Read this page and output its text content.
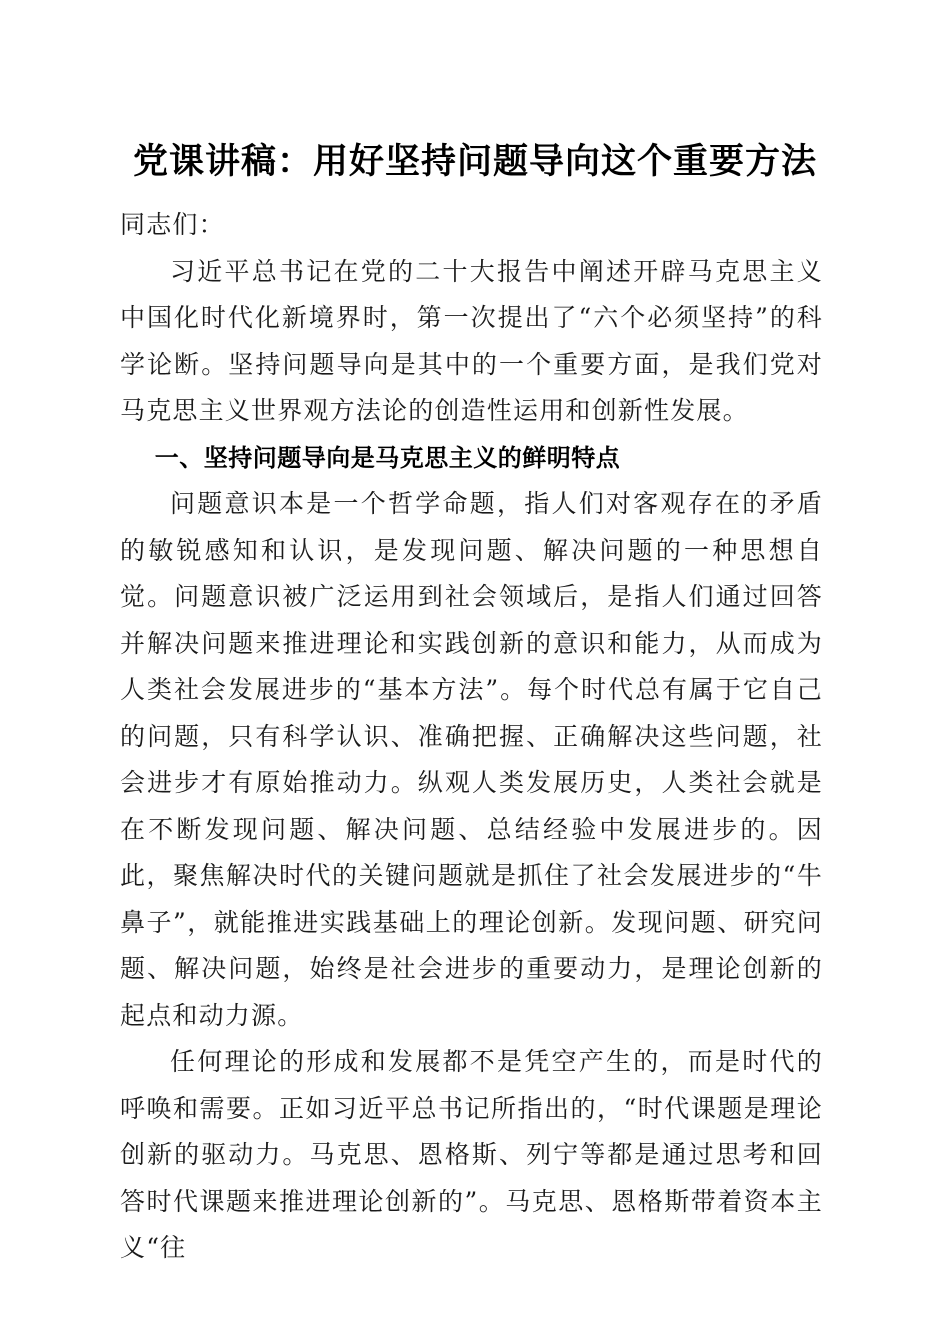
党课讲稿：用好坚持问题导向这个重要方法

同志们：

习近平总书记在党的二十大报告中阐述开辟马克思主义中国化时代化新境界时，第一次提出了“六个必须坚持”的科学论断。坚持问题导向是其中的一个重要方面，是我们党对马克思主义世界观方法论的创造性运用和创新性发展。

一、坚持问题导向是马克思主义的鲜明特点

问题意识本是一个哲学命题，指人们对客观存在的矛盾的敏锐感知和认识，是发现问题、解决问题的一种思想自觉。问题意识被广泛运用到社会领域后，是指人们通过回答并解决问题来推进理论和实践创新的意识和能力，从而成为人类社会发展进步的“基本方法”。每个时代总有属于它自己的问题，只有科学认识、准确把握、正确解决这些问题，社会进步才有原始推动力。纵观人类发展历史，人类社会就是在不断发现问题、解决问题、总结经验中发展进步的。因此，聚焦解决时代的关键问题就是抓住了社会发展进步的“牛鼻子”，就能推进实践基础上的理论创新。发现问题、研究问题、解决问题，始终是社会进步的重要动力，是理论创新的起点和动力源。

任何理论的形成和发展都不是凭空产生的，而是时代的呼唤和需要。正如习近平总书记所指出的，“时代课题是理论创新的驱动力。马克思、恩格斯、列宁等都是通过思考和回答时代课题来推进理论创新的”。马克思、恩格斯带着资本主义“往
